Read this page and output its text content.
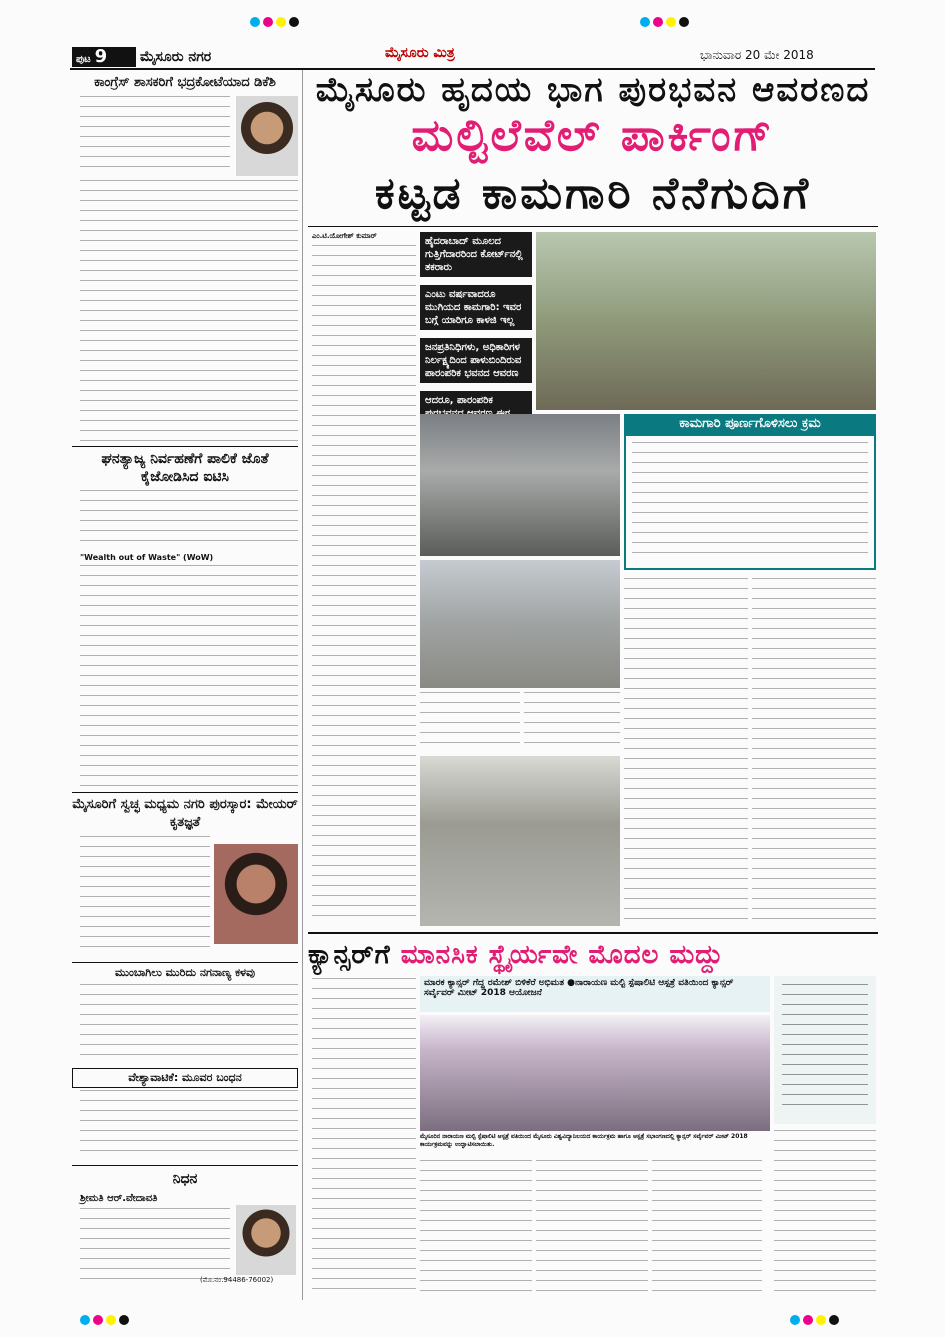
ಪುಟ 9	ಮೈಸೂರು ನಗರ	ಮೈಸೂರು ಮಿತ್ರ	ಭಾನುವಾರ 20 ಮೇ 2018
ಕಾಂಗ್ರೆಸ್ ಶಾಸಕರಿಗೆ ಭದ್ರಕೋಟೆಯಾದ ಡಿಕೆಶಿ
ಘನತ್ಯಾಜ್ಯ ನಿರ್ವಹಣೆಗೆ ಪಾಲಿಕೆ ಜೊತೆ ಕೈಜೋಡಿಸಿದ ಐಟಿಸಿ
"Wealth out of Waste" (WoW)
ಮೈಸೂರಿಗೆ ಸ್ವಚ್ಛ ಮಧ್ಯಮ ನಗರಿ ಪುರಸ್ಕಾರ: ಮೇಯರ್ ಕೃತಜ್ಞತೆ
ಮುಂಬಾಗಿಲು ಮುರಿದು ನಗನಾಣ್ಯ ಕಳವು
ವೇಶ್ಯಾವಾಟಿಕೆ: ಮೂವರ ಬಂಧನ
ನಿಧನ
ಶ್ರೀಮತಿ ಆರ್.ವೇದಾವತಿ
(ಮೊ.ನಂ.94486-76002)
ಮೈಸೂರು ಹೃದಯ ಭಾಗ ಪುರಭವನ ಆವರಣದ
ಮಲ್ಟಿಲೆವೆಲ್ ಪಾರ್ಕಿಂಗ್
ಕಟ್ಟಡ ಕಾಮಗಾರಿ ನೆನೆಗುದಿಗೆ
ಎಂ.ಟಿ.ಯೋಗೇಶ್ ಕುಮಾರ್	ಹೈದರಾಬಾದ್ ಮೂಲದ ಗುತ್ತಿಗೆದಾರರಿಂದ ಕೋರ್ಟ್‌ನಲ್ಲಿ ತಕರಾರು
ಎಂಟು ವರ್ಷವಾದರೂ ಮುಗಿಯದ ಕಾಮಗಾರಿ: ಇವರ ಬಗ್ಗೆ ಯಾರಿಗೂ ಕಾಳಜಿ ಇಲ್ಲ
ಜನಪ್ರತಿನಿಧಿಗಳು, ಅಧಿಕಾರಿಗಳ ನಿರ್ಲಕ್ಷ್ಯದಿಂದ ಪಾಳುಬಿಂದಿರುವ ಪಾರಂಪರಿಕ ಭವನದ ಆವರಣ
ಆದರೂ, ಪಾರಂಪರಿಕ
ಕಾಮಗಾರಿ ಪೂರ್ಣಗೊಳಿಸಲು ಕ್ರಮ
ಕ್ಯಾನ್ಸರ್‌ಗೆ ಮಾನಸಿಕ ಸ್ಥೈರ್ಯವೇ ಮೊದಲ ಮದ್ದು
ಮಾರಕ ಕ್ಯಾನ್ಸರ್ ಗೆದ್ದ ರಮೇಶ್ ಬಿಳಿಕೆರೆ ಅಭಿಮತ ●ನಾರಾಯಣ ಮಲ್ಟಿ ಸ್ಪೆಷಾಲಿಟಿ ಆಸ್ಪತ್ರೆ ವತಿಯಿಂದ ಕ್ಯಾನ್ಸರ್ ಸರ್ವೈವರ್ ಮೀಟ್ 2018 ಆಯೋಜನೆ
ಮೈಸೂರಿನ ನಾರಾಯಣ ಮಲ್ಟಿ ಸ್ಪೆಷಾಲಿಟಿ ಆಸ್ಪತ್ರೆ ವತಿಯಿಂದ ಮೈಸೂರು ವಿಶ್ವವಿದ್ಯಾನಿಲಯದ ಕಾರ್ಯಕ್ರಮ ಹಾಗೂ ಆಸ್ಪತ್ರೆ ಸಭಾಂಗಣದಲ್ಲಿ ಕ್ಯಾನ್ಸರ್ ಸರ್ವೈವರ್ ಮೀಟ್ 2018 ಕಾರ್ಯಕ್ರಮವನ್ನು ಉದ್ಘಾಟಿಸಲಾಯಿತು.
